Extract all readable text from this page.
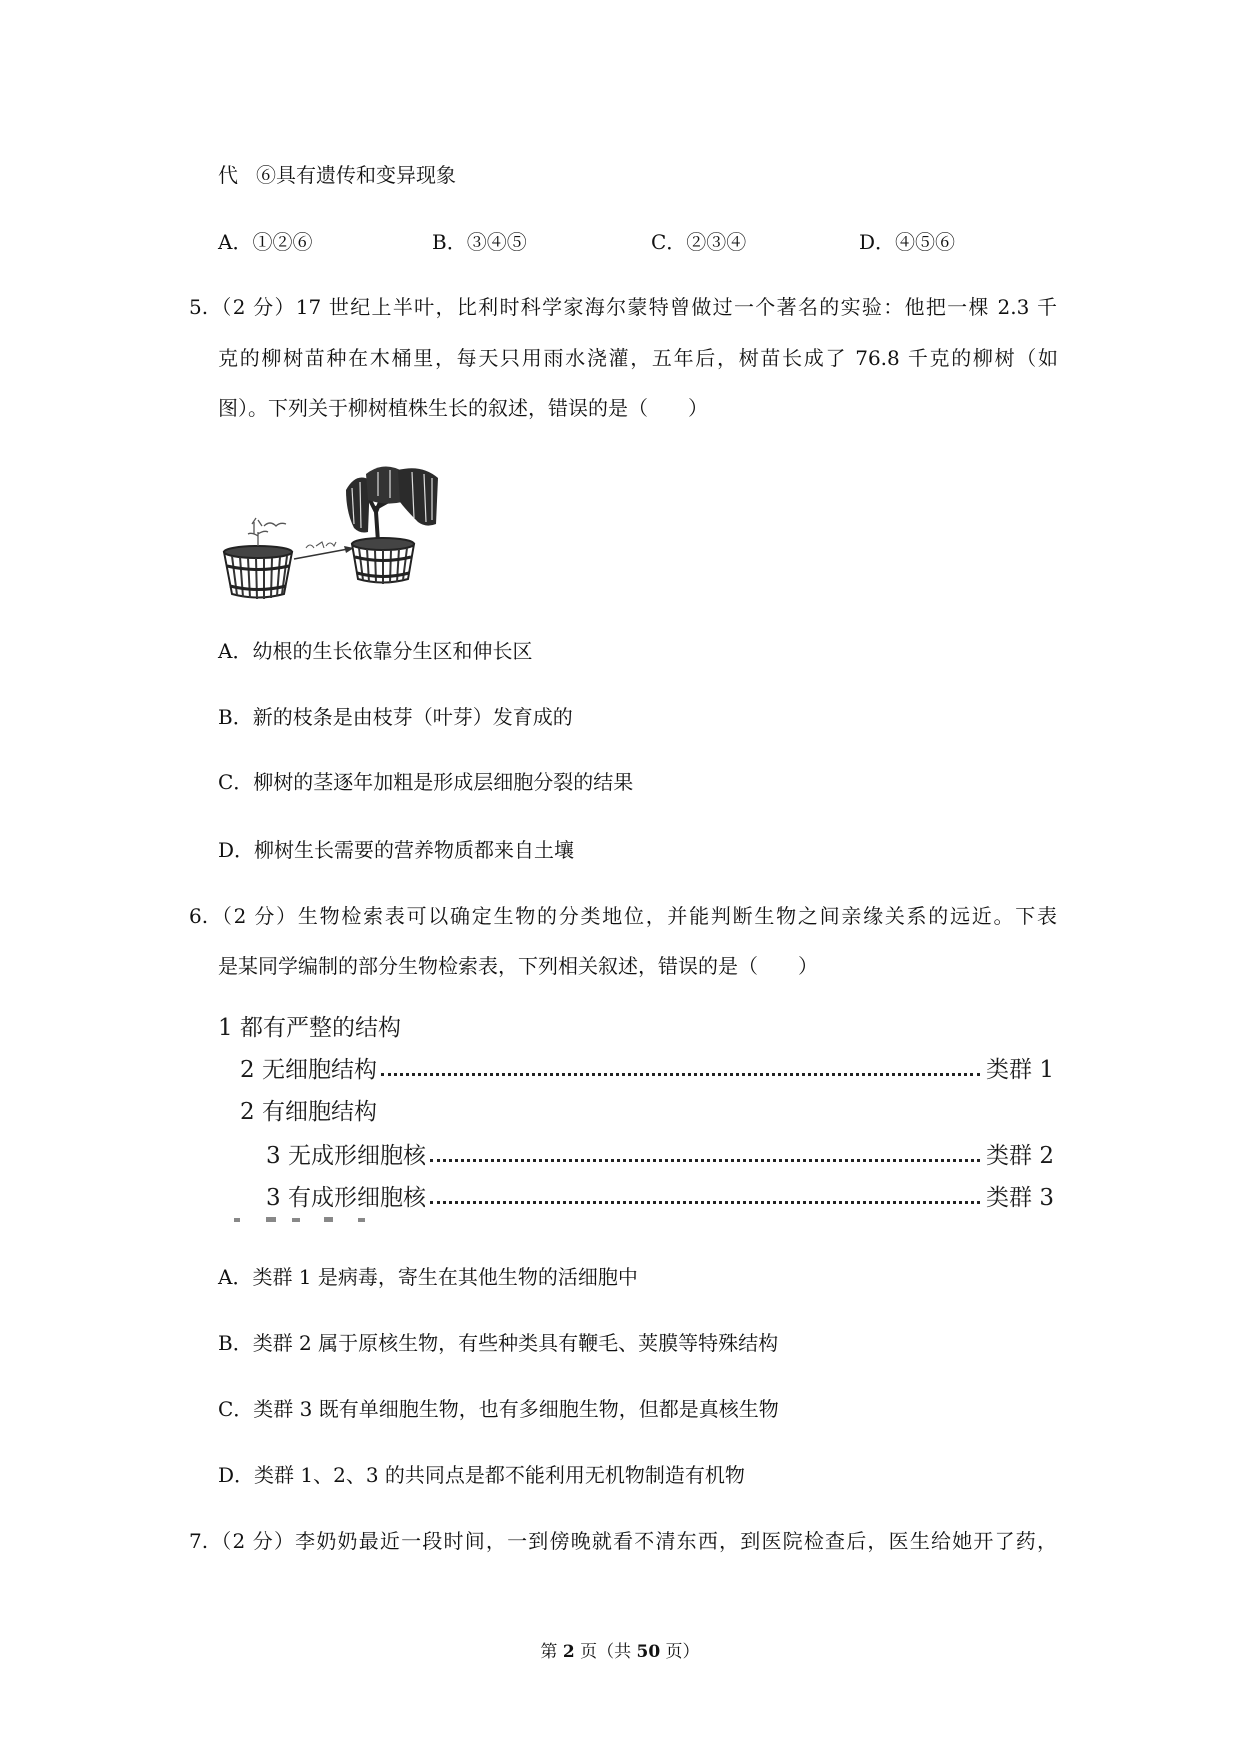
代 ⑥具有遗传和变异现象
A．①②⑥	B．③④⑤	C．②③④	D．④⑤⑥
5. （2 分）17 世纪上半叶，比利时科学家海尔蒙特曾做过一个著名的实验：他把一棵 2.3 千
克的柳树苗种在木桶里，每天只用雨水浇灌，五年后，树苗长成了 76.8 千克的柳树（如
图）。下列关于柳树植株生长的叙述，错误的是（　　）
A．幼根的生长依靠分生区和伸长区
B．新的枝条是由枝芽（叶芽）发育成的
C．柳树的茎逐年加粗是形成层细胞分裂的结果
D．柳树生长需要的营养物质都来自土壤
6. （2 分）生物检索表可以确定生物的分类地位，并能判断生物之间亲缘关系的远近。下表
是某同学编制的部分生物检索表，下列相关叙述，错误的是（　　）
1 都有严整的结构
2 无细胞结构	类群 1
2 有细胞结构
3 无成形细胞核	类群 2
3 有成形细胞核	类群 3
A．类群 1 是病毒，寄生在其他生物的活细胞中
B．类群 2 属于原核生物，有些种类具有鞭毛、荚膜等特殊结构
C．类群 3 既有单细胞生物，也有多细胞生物，但都是真核生物
D．类群 1、2、3 的共同点是都不能利用无机物制造有机物
7. （2 分）李奶奶最近一段时间，一到傍晚就看不清东西，到医院检查后，医生给她开了药，
第 2 页（共 50 页）
